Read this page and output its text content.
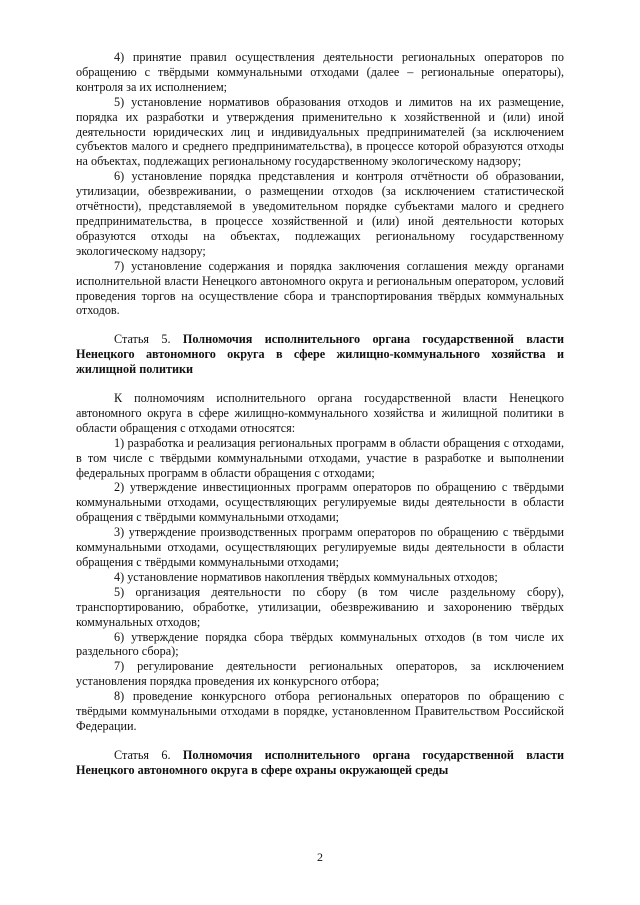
4) принятие правил осуществления деятельности региональных операторов по обращению с твёрдыми коммунальными отходами (далее – региональные операторы), контроля за их исполнением;

5) установление нормативов образования отходов и лимитов на их размещение, порядка их разработки и утверждения применительно к хозяйственной и (или) иной деятельности юридических лиц и индивидуальных предпринимателей (за исключением субъектов малого и среднего предпринимательства), в процессе которой образуются отходы на объектах, подлежащих региональному государственному экологическому надзору;

6) установление порядка представления и контроля отчётности об образовании, утилизации, обезвреживании, о размещении отходов (за исключением статистической отчётности), представляемой в уведомительном порядке субъектами малого и среднего предпринимательства, в процессе хозяйственной и (или) иной деятельности которых образуются отходы на объектах, подлежащих региональному государственному экологическому надзору;

7) установление содержания и порядка заключения соглашения между органами исполнительной власти Ненецкого автономного округа и региональным оператором, условий проведения торгов на осуществление сбора и транспортирования твёрдых коммунальных отходов.

Статья 5. Полномочия исполнительного органа государственной власти Ненецкого автономного округа в сфере жилищно-коммунального хозяйства и жилищной политики

К полномочиям исполнительного органа государственной власти Ненецкого автономного округа в сфере жилищно-коммунального хозяйства и жилищной политики в области обращения с отходами относятся:

1) разработка и реализация региональных программ в области обращения с отходами, в том числе с твёрдыми коммунальными отходами, участие в разработке и выполнении федеральных программ в области обращения с отходами;

2) утверждение инвестиционных программ операторов по обращению с твёрдыми коммунальными отходами, осуществляющих регулируемые виды деятельности в области обращения с твёрдыми коммунальными отходами;

3) утверждение производственных программ операторов по обращению с твёрдыми коммунальными отходами, осуществляющих регулируемые виды деятельности в области обращения с твёрдыми коммунальными отходами;

4) установление нормативов накопления твёрдых коммунальных отходов;

5) организация деятельности по сбору (в том числе раздельному сбору), транспортированию, обработке, утилизации, обезвреживанию и захоронению твёрдых коммунальных отходов;

6) утверждение порядка сбора твёрдых коммунальных отходов (в том числе их раздельного сбора);

7) регулирование деятельности региональных операторов, за исключением установления порядка проведения их конкурсного отбора;

8) проведение конкурсного отбора региональных операторов по обращению с твёрдыми коммунальными отходами в порядке, установленном Правительством Российской Федерации.

Статья 6. Полномочия исполнительного органа государственной власти Ненецкого автономного округа в сфере охраны окружающей среды

2
